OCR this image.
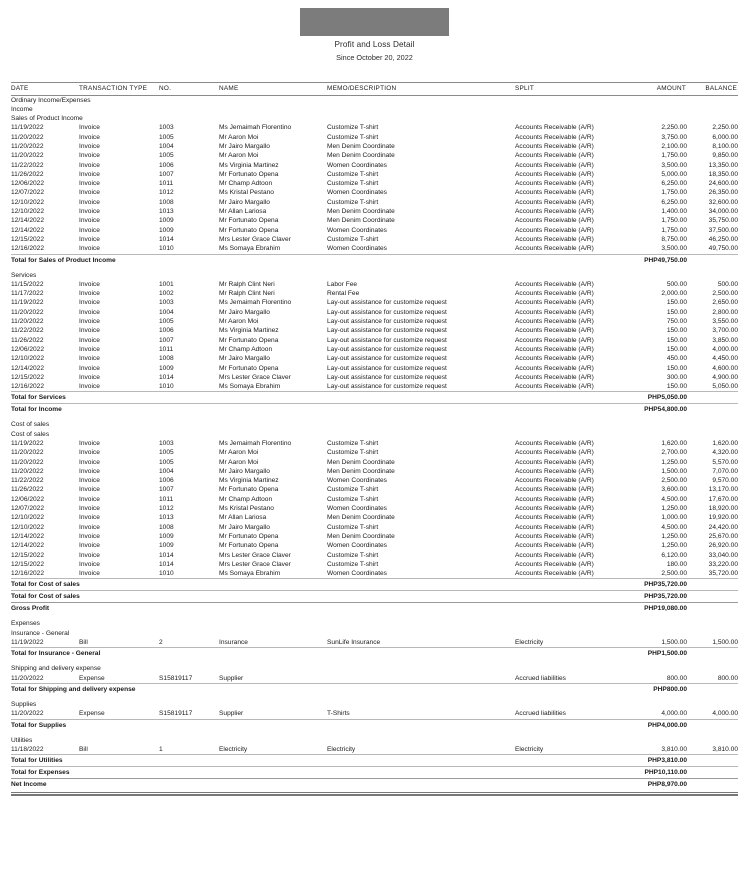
Profit and Loss Detail
Since October 20, 2022
DATE	TRANSACTION TYPE	NO.	NAME	MEMO/DESCRIPTION	SPLIT	AMOUNT	BALANCE
Ordinary Income/Expenses							
Income							
Sales of Product Income							
11/19/2022	Invoice	1003	Ms Jemaimah Florentino	Customize T-shirt	Accounts Receivable (A/R)	2,250.00	2,250.00
11/20/2022	Invoice	1005	Mr Aaron Moi	Customize T-shirt	Accounts Receivable (A/R)	3,750.00	6,000.00
11/20/2022	Invoice	1004	Mr Jairo Margallo	Men Denim Coordinate	Accounts Receivable (A/R)	2,100.00	8,100.00
11/20/2022	Invoice	1005	Mr Aaron Moi	Men Denim Coordinate	Accounts Receivable (A/R)	1,750.00	9,850.00
11/22/2022	Invoice	1006	Ms Virginia Martinez	Women Coordinates	Accounts Receivable (A/R)	3,500.00	13,350.00
11/26/2022	Invoice	1007	Mr Fortunato Opena	Customize T-shirt	Accounts Receivable (A/R)	5,000.00	18,350.00
12/06/2022	Invoice	1011	Mr Champ Adtoon	Customize T-shirt	Accounts Receivable (A/R)	6,250.00	24,600.00
12/07/2022	Invoice	1012	Ms Kristal Pestano	Women Coordinates	Accounts Receivable (A/R)	1,750.00	26,350.00
12/10/2022	Invoice	1008	Mr Jairo Margallo	Customize T-shirt	Accounts Receivable (A/R)	6,250.00	32,600.00
12/10/2022	Invoice	1013	Mr Allan Lariosa	Men Denim Coordinate	Accounts Receivable (A/R)	1,400.00	34,000.00
12/14/2022	Invoice	1009	Mr Fortunato Opena	Men Denim Coordinate	Accounts Receivable (A/R)	1,750.00	35,750.00
12/14/2022	Invoice	1009	Mr Fortunato Opena	Women Coordinates	Accounts Receivable (A/R)	1,750.00	37,500.00
12/15/2022	Invoice	1014	Mrs Lester Grace Claver	Customize T-shirt	Accounts Receivable (A/R)	8,750.00	46,250.00
12/16/2022	Invoice	1010	Ms Somaya Ebrahim	Women Coordinates	Accounts Receivable (A/R)	3,500.00	49,750.00
Total for Sales of Product Income						PHP49,750.00	

Services							
11/15/2022	Invoice	1001	Mr Ralph Clint Neri	Labor Fee	Accounts Receivable (A/R)	500.00	500.00
11/17/2022	Invoice	1002	Mr Ralph Clint Neri	Rental Fee	Accounts Receivable (A/R)	2,000.00	2,500.00
11/19/2022	Invoice	1003	Ms Jemaimah Florentino	Lay-out assistance for customize request	Accounts Receivable (A/R)	150.00	2,650.00
11/20/2022	Invoice	1004	Mr Jairo Margallo	Lay-out assistance for customize request	Accounts Receivable (A/R)	150.00	2,800.00
11/20/2022	Invoice	1005	Mr Aaron Moi	Lay-out assistance for customize request	Accounts Receivable (A/R)	750.00	3,550.00
11/22/2022	Invoice	1006	Ms Virginia Martinez	Lay-out assistance for customize request	Accounts Receivable (A/R)	150.00	3,700.00
11/26/2022	Invoice	1007	Mr Fortunato Opena	Lay-out assistance for customize request	Accounts Receivable (A/R)	150.00	3,850.00
12/06/2022	Invoice	1011	Mr Champ Adtoon	Lay-out assistance for customize request	Accounts Receivable (A/R)	150.00	4,000.00
12/10/2022	Invoice	1008	Mr Jairo Margallo	Lay-out assistance for customize request	Accounts Receivable (A/R)	450.00	4,450.00
12/14/2022	Invoice	1009	Mr Fortunato Opena	Lay-out assistance for customize request	Accounts Receivable (A/R)	150.00	4,600.00
12/15/2022	Invoice	1014	Mrs Lester Grace Claver	Lay-out assistance for customize request	Accounts Receivable (A/R)	300.00	4,900.00
12/16/2022	Invoice	1010	Ms Somaya Ebrahim	Lay-out assistance for customize request	Accounts Receivable (A/R)	150.00	5,050.00
Total for Services						PHP5,050.00	
Total for Income						PHP54,800.00	

Cost of sales							
Cost of sales							
11/19/2022	Invoice	1003	Ms Jemaimah Florentino	Customize T-shirt	Accounts Receivable (A/R)	1,620.00	1,620.00
11/20/2022	Invoice	1005	Mr Aaron Moi	Customize T-shirt	Accounts Receivable (A/R)	2,700.00	4,320.00
11/20/2022	Invoice	1005	Mr Aaron Moi	Men Denim Coordinate	Accounts Receivable (A/R)	1,250.00	5,570.00
11/20/2022	Invoice	1004	Mr Jairo Margallo	Men Denim Coordinate	Accounts Receivable (A/R)	1,500.00	7,070.00
11/22/2022	Invoice	1006	Ms Virginia Martinez	Women Coordinates	Accounts Receivable (A/R)	2,500.00	9,570.00
11/26/2022	Invoice	1007	Mr Fortunato Opena	Customize T-shirt	Accounts Receivable (A/R)	3,600.00	13,170.00
12/06/2022	Invoice	1011	Mr Champ Adtoon	Customize T-shirt	Accounts Receivable (A/R)	4,500.00	17,670.00
12/07/2022	Invoice	1012	Ms Kristal Pestano	Women Coordinates	Accounts Receivable (A/R)	1,250.00	18,920.00
12/10/2022	Invoice	1013	Mr Allan Lariosa	Men Denim Coordinate	Accounts Receivable (A/R)	1,000.00	19,920.00
12/10/2022	Invoice	1008	Mr Jairo Margallo	Customize T-shirt	Accounts Receivable (A/R)	4,500.00	24,420.00
12/14/2022	Invoice	1009	Mr Fortunato Opena	Men Denim Coordinate	Accounts Receivable (A/R)	1,250.00	25,670.00
12/14/2022	Invoice	1009	Mr Fortunato Opena	Women Coordinates	Accounts Receivable (A/R)	1,250.00	26,920.00
12/15/2022	Invoice	1014	Mrs Lester Grace Claver	Customize T-shirt	Accounts Receivable (A/R)	6,120.00	33,040.00
12/15/2022	Invoice	1014	Mrs Lester Grace Claver	Customize T-shirt	Accounts Receivable (A/R)	180.00	33,220.00
12/16/2022	Invoice	1010	Ms Somaya Ebrahim	Women Coordinates	Accounts Receivable (A/R)	2,500.00	35,720.00
Total for Cost of sales						PHP35,720.00	
Total for Cost of sales						PHP35,720.00	
Gross Profit						PHP19,080.00	

Expenses							
Insurance - General							
11/19/2022	Bill	2	Insurance	SunLife Insurance	Electricity	1,500.00	1,500.00
Total for Insurance - General						PHP1,500.00	

Shipping and delivery expense							
11/20/2022	Expense	S15819117	Supplier		Accrued liabilities	800.00	800.00
Total for Shipping and delivery expense						PHP800.00	

Supplies							
11/20/2022	Expense	S15819117	Supplier	T-Shirts	Accrued liabilities	4,000.00	4,000.00
Total for Supplies						PHP4,000.00	

Utilities							
11/18/2022	Bill	1	Electricity	Electricity	Electricity	3,810.00	3,810.00
Total for Utilities						PHP3,810.00	
Total for Expenses						PHP10,110.00	
Net Income						PHP8,970.00	
